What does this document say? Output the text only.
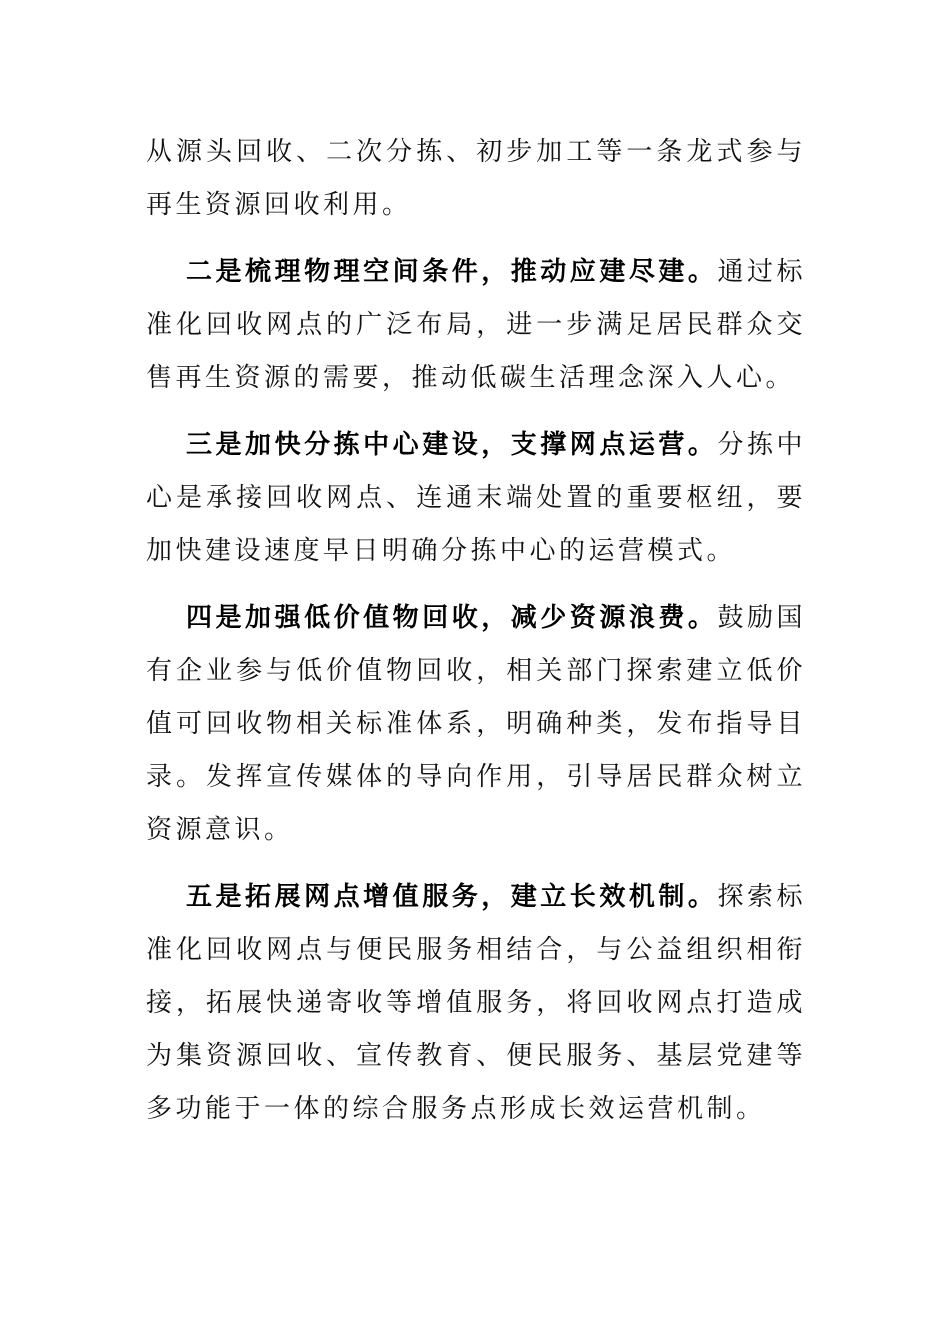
从源头回收、二次分拣、初步加工等一条龙式参与再生资源回收利用。

二是梳理物理空间条件，推动应建尽建。通过标准化回收网点的广泛布局，进一步满足居民群众交售再生资源的需要，推动低碳生活理念深入人心。

三是加快分拣中心建设，支撑网点运营。分拣中心是承接回收网点、连通末端处置的重要枢纽，要加快建设速度早日明确分拣中心的运营模式。

四是加强低价值物回收，减少资源浪费。鼓励国有企业参与低价值物回收，相关部门探索建立低价值可回收物相关标准体系，明确种类，发布指导目录。发挥宣传媒体的导向作用，引导居民群众树立资源意识。

五是拓展网点增值服务，建立长效机制。探索标准化回收网点与便民服务相结合，与公益组织相衔接，拓展快递寄收等增值服务，将回收网点打造成为集资源回收、宣传教育、便民服务、基层党建等多功能于一体的综合服务点形成长效运营机制。
